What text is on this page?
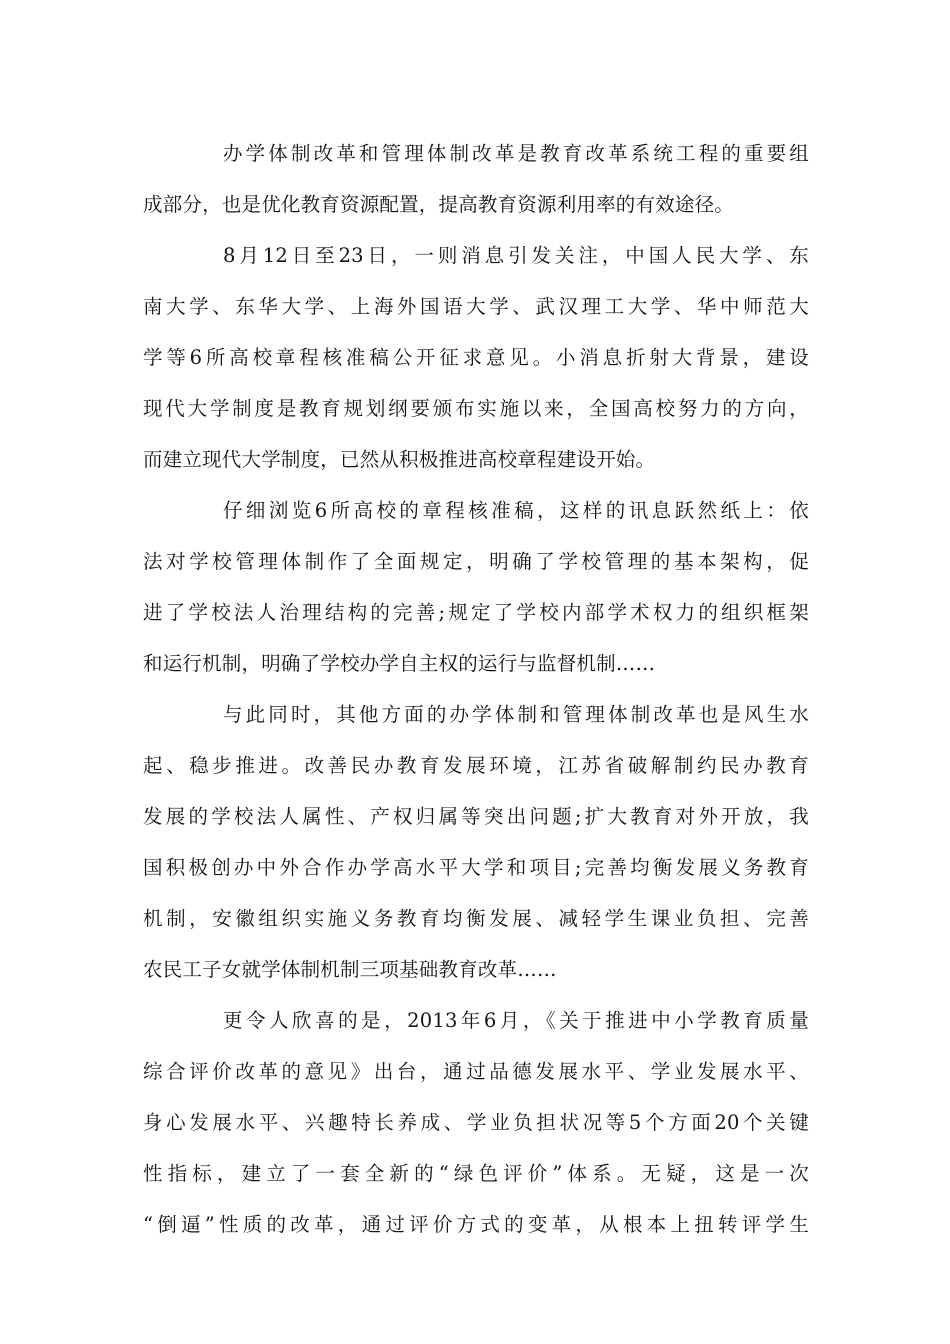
办学体制改革和管理体制改革是教育改革系统工程的重要组
成部分，也是优化教育资源配置，提高教育资源利用率的有效途径。
8月12日至23日，一则消息引发关注，中国人民大学、东
南大学、东华大学、上海外国语大学、武汉理工大学、华中师范大
学等6所高校章程核准稿公开征求意见。小消息折射大背景，建设
现代大学制度是教育规划纲要颁布实施以来，全国高校努力的方向，
而建立现代大学制度，已然从积极推进高校章程建设开始。
仔细浏览6所高校的章程核准稿，这样的讯息跃然纸上：依
法对学校管理体制作了全面规定，明确了学校管理的基本架构，促
进了学校法人治理结构的完善;规定了学校内部学术权力的组织框架
和运行机制，明确了学校办学自主权的运行与监督机制……
与此同时，其他方面的办学体制和管理体制改革也是风生水
起、稳步推进。改善民办教育发展环境，江苏省破解制约民办教育
发展的学校法人属性、产权归属等突出问题;扩大教育对外开放，我
国积极创办中外合作办学高水平大学和项目;完善均衡发展义务教育
机制，安徽组织实施义务教育均衡发展、减轻学生课业负担、完善
农民工子女就学体制机制三项基础教育改革……
更令人欣喜的是，2013年6月，《关于推进中小学教育质量
综合评价改革的意见》出台，通过品德发展水平、学业发展水平、
身心发展水平、兴趣特长养成、学业负担状况等5个方面20个关键
性指标，建立了一套全新的“绿色评价”体系。无疑，这是一次
“倒逼”性质的改革，通过评价方式的变革，从根本上扭转评学生
